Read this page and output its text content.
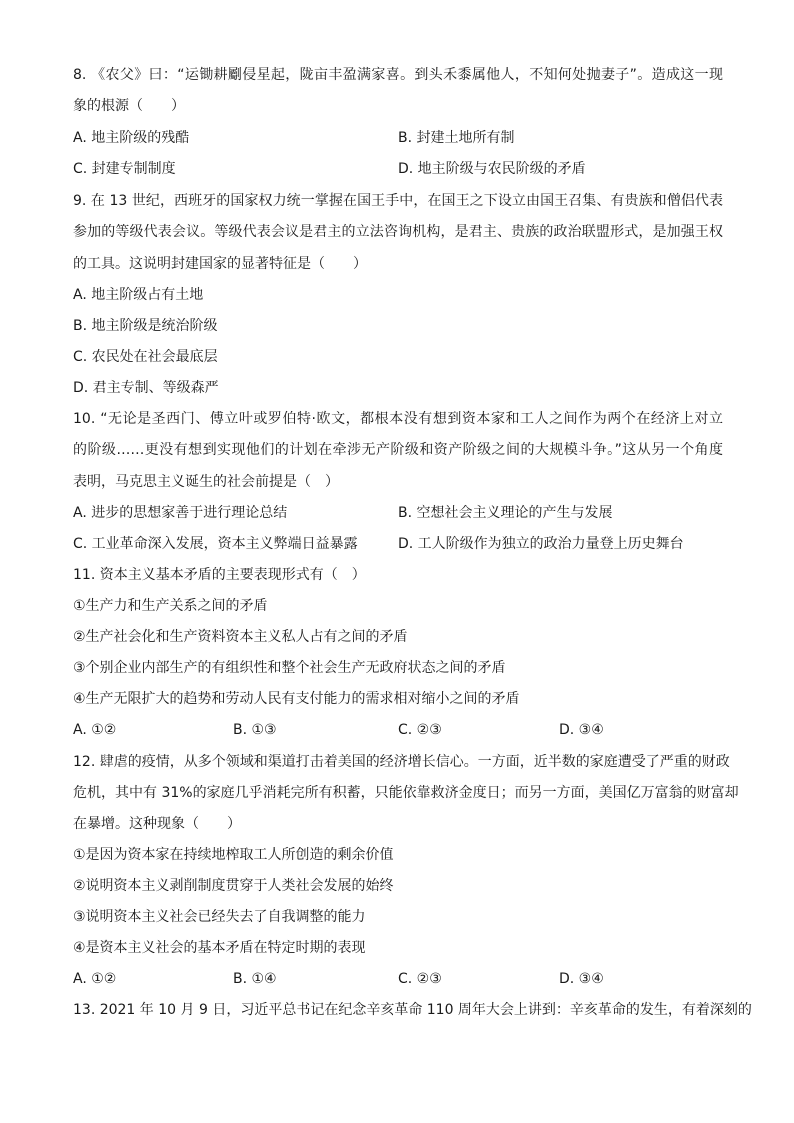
8. 《农父》曰：“运锄耕劚侵星起，陇亩丰盈满家喜。到头禾黍属他人，不知何处抛妻子”。造成这一现
象的根源（　　）
A. 地主阶级的残酷	B. 封建土地所有制
C. 封建专制制度	D. 地主阶级与农民阶级的矛盾
9. 在 13 世纪，西班牙的国家权力统一掌握在国王手中，在国王之下设立由国王召集、有贵族和僧侣代表
参加的等级代表会议。等级代表会议是君主的立法咨询机构，是君主、贵族的政治联盟形式，是加强王权
的工具。这说明封建国家的显著特征是（　　）
A. 地主阶级占有土地
B. 地主阶级是统治阶级
C. 农民处在社会最底层
D. 君主专制、等级森严
10. “无论是圣西门、傅立叶或罗伯特·欧文，都根本没有想到资本家和工人之间作为两个在经济上对立
的阶级……更没有想到实现他们的计划在牵涉无产阶级和资产阶级之间的大规模斗争。”这从另一个角度
表明，马克思主义诞生的社会前提是（　）
A. 进步的思想家善于进行理论总结	B. 空想社会主义理论的产生与发展
C. 工业革命深入发展，资本主义弊端日益暴露	D. 工人阶级作为独立的政治力量登上历史舞台
11. 资本主义基本矛盾的主要表现形式有（　）
①生产力和生产关系之间的矛盾
②生产社会化和生产资料资本主义私人占有之间的矛盾
③个别企业内部生产的有组织性和整个社会生产无政府状态之间的矛盾
④生产无限扩大的趋势和劳动人民有支付能力的需求相对缩小之间的矛盾
A. ①②	B. ①③	C. ②③	D. ③④
12. 肆虐的疫情，从多个领域和渠道打击着美国的经济增长信心。一方面，近半数的家庭遭受了严重的财政
危机，其中有 31%的家庭几乎消耗完所有积蓄，只能依靠救济金度日；而另一方面，美国亿万富翁的财富却
在暴增。这种现象（　　）
①是因为资本家在持续地榨取工人所创造的剩余价值
②说明资本主义剥削制度贯穿于人类社会发展的始终
③说明资本主义社会已经失去了自我调整的能力
④是资本主义社会的基本矛盾在特定时期的表现
A. ①②	B. ①④	C. ②③	D. ③④
13. 2021 年 10 月 9 日，习近平总书记在纪念辛亥革命 110 周年大会上讲到：辛亥革命的发生，有着深刻的
